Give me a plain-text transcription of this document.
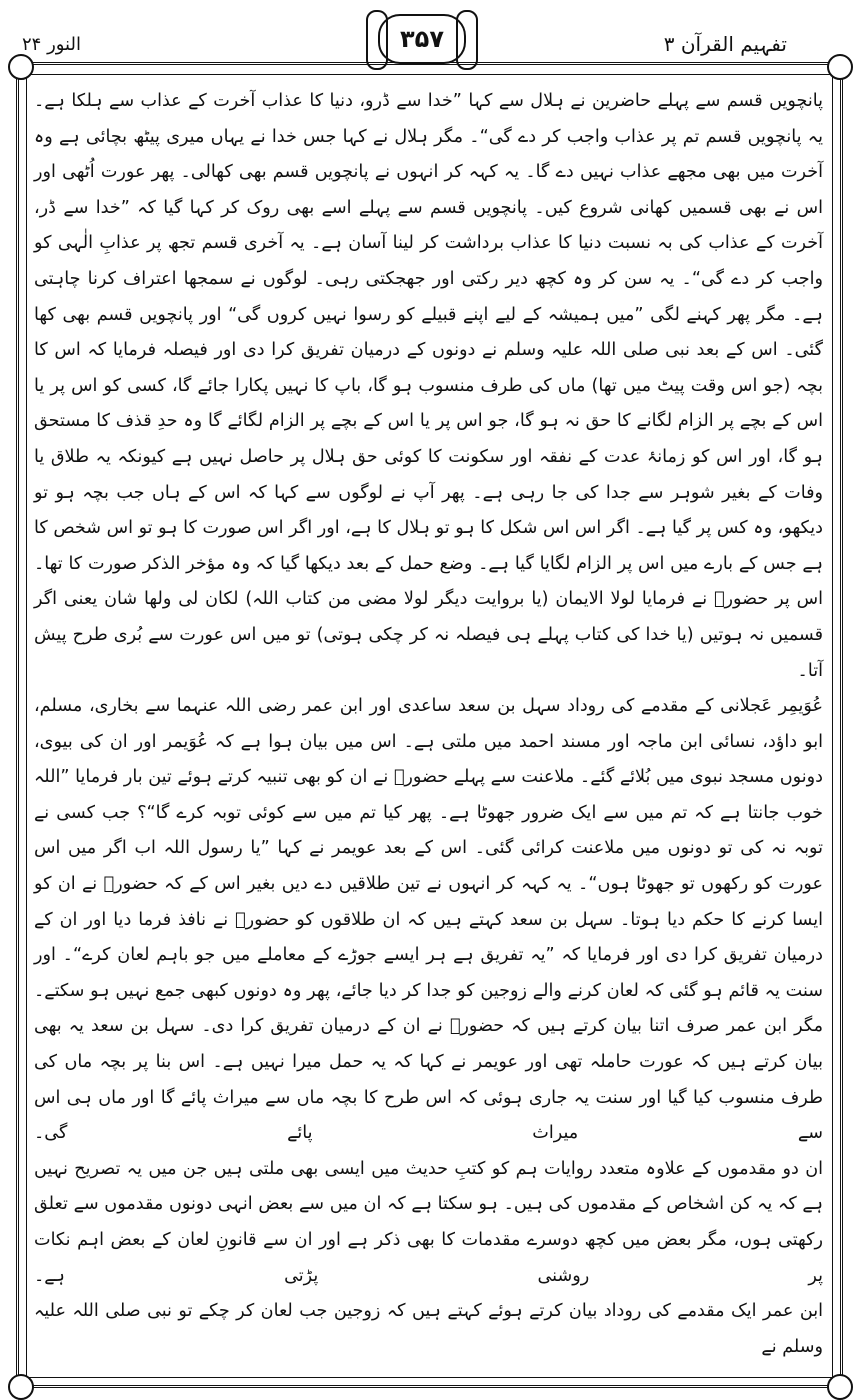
النور ۲۴	۳۵۷	تفہیم القرآن ۳

پانچویں قسم سے پہلے حاضرین نے ہلال سے کہا ”خدا سے ڈرو، دنیا کا عذاب آخرت کے عذاب سے ہلکا ہے۔ یہ پانچویں قسم تم پر عذاب واجب کر دے گی“۔ مگر ہلال نے کہا جس خدا نے یہاں میری پیٹھ بچائی ہے وہ آخرت میں بھی مجھے عذاب نہیں دے گا۔ یہ کہہ کر انہوں نے پانچویں قسم بھی کھالی۔ پھر عورت اُٹھی اور اس نے بھی قسمیں کھانی شروع کیں۔ پانچویں قسم سے پہلے اسے بھی روک کر کہا گیا کہ ”خدا سے ڈر، آخرت کے عذاب کی بہ نسبت دنیا کا عذاب برداشت کر لینا آسان ہے۔ یہ آخری قسم تجھ پر عذابِ الٰہی کو واجب کر دے گی“۔ یہ سن کر وہ کچھ دیر رکتی اور جھجکتی رہی۔ لوگوں نے سمجھا اعتراف کرنا چاہتی ہے۔ مگر پھر کہنے لگی ”میں ہمیشہ کے لیے اپنے قبیلے کو رسوا نہیں کروں گی“ اور پانچویں قسم بھی کھا گئی۔ اس کے بعد نبی صلی اللہ علیہ وسلم نے دونوں کے درمیان تفریق کرا دی اور فیصلہ فرمایا کہ اس کا بچہ (جو اس وقت پیٹ میں تھا) ماں کی طرف منسوب ہو گا، باپ کا نہیں پکارا جائے گا، کسی کو اس پر یا اس کے بچے پر الزام لگانے کا حق نہ ہو گا، جو اس پر یا اس کے بچے پر الزام لگائے گا وہ حدِ قذف کا مستحق ہو گا، اور اس کو زمانۂ عدت کے نفقہ اور سکونت کا کوئی حق ہلال پر حاصل نہیں ہے کیونکہ یہ طلاق یا وفات کے بغیر شوہر سے جدا کی جا رہی ہے۔ پھر آپ نے لوگوں سے کہا کہ اس کے ہاں جب بچہ ہو تو دیکھو، وہ کس پر گیا ہے۔ اگر اس اس شکل کا ہو تو ہلال کا ہے، اور اگر اس صورت کا ہو تو اس شخص کا ہے جس کے بارے میں اس پر الزام لگایا گیا ہے۔ وضع حمل کے بعد دیکھا گیا کہ وہ مؤخر الذکر صورت کا تھا۔ اس پر حضورؐ نے فرمایا لولا الایمان (یا بروایت دیگر لولا مضی من کتاب اللہ) لکان لی ولھا شان یعنی اگر قسمیں نہ ہوتیں (یا خدا کی کتاب پہلے ہی فیصلہ نہ کر چکی ہوتی) تو میں اس عورت سے بُری طرح پیش آتا۔

عُوَیمِر عَجلانی کے مقدمے کی روداد سہل بن سعد ساعدی اور ابن عمر رضی اللہ عنہما سے بخاری، مسلم، ابو داؤد، نسائی ابن ماجہ اور مسند احمد میں ملتی ہے۔ اس میں بیان ہوا ہے کہ عُوَیمر اور ان کی بیوی، دونوں مسجد نبوی میں بُلائے گئے۔ ملاعنت سے پہلے حضورؐ نے ان کو بھی تنبیہ کرتے ہوئے تین بار فرمایا ”اللہ خوب جانتا ہے کہ تم میں سے ایک ضرور جھوٹا ہے۔ پھر کیا تم میں سے کوئی توبہ کرے گا“؟ جب کسی نے توبہ نہ کی تو دونوں میں ملاعنت کرائی گئی۔ اس کے بعد عویمر نے کہا ”یا رسول اللہ اب اگر میں اس عورت کو رکھوں تو جھوٹا ہوں“۔ یہ کہہ کر انہوں نے تین طلاقیں دے دیں بغیر اس کے کہ حضورؐ نے ان کو ایسا کرنے کا حکم دیا ہوتا۔ سہل بن سعد کہتے ہیں کہ ان طلاقوں کو حضورؐ نے نافذ فرما دیا اور ان کے درمیان تفریق کرا دی اور فرمایا کہ ”یہ تفریق ہے ہر ایسے جوڑے کے معاملے میں جو باہم لعان کرے“۔ اور سنت یہ قائم ہو گئی کہ لعان کرنے والے زوجین کو جدا کر دیا جائے، پھر وہ دونوں کبھی جمع نہیں ہو سکتے۔ مگر ابن عمر صرف اتنا بیان کرتے ہیں کہ حضورؐ نے ان کے درمیان تفریق کرا دی۔ سہل بن سعد یہ بھی بیان کرتے ہیں کہ عورت حاملہ تھی اور عویمر نے کہا کہ یہ حمل میرا نہیں ہے۔ اس بنا پر بچہ ماں کی طرف منسوب کیا گیا اور سنت یہ جاری ہوئی کہ اس طرح کا بچہ ماں سے میراث پائے گا اور ماں ہی اس سے میراث پائے گی۔

ان دو مقدموں کے علاوہ متعدد روایات ہم کو کتبِ حدیث میں ایسی بھی ملتی ہیں جن میں یہ تصریح نہیں ہے کہ یہ کن اشخاص کے مقدموں کی ہیں۔ ہو سکتا ہے کہ ان میں سے بعض انہی دونوں مقدموں سے تعلق رکھتی ہوں، مگر بعض میں کچھ دوسرے مقدمات کا بھی ذکر ہے اور ان سے قانونِ لعان کے بعض اہم نکات پر روشنی پڑتی ہے۔

ابن عمر ایک مقدمے کی روداد بیان کرتے ہوئے کہتے ہیں کہ زوجین جب لعان کر چکے تو نبی صلی اللہ علیہ وسلم نے
